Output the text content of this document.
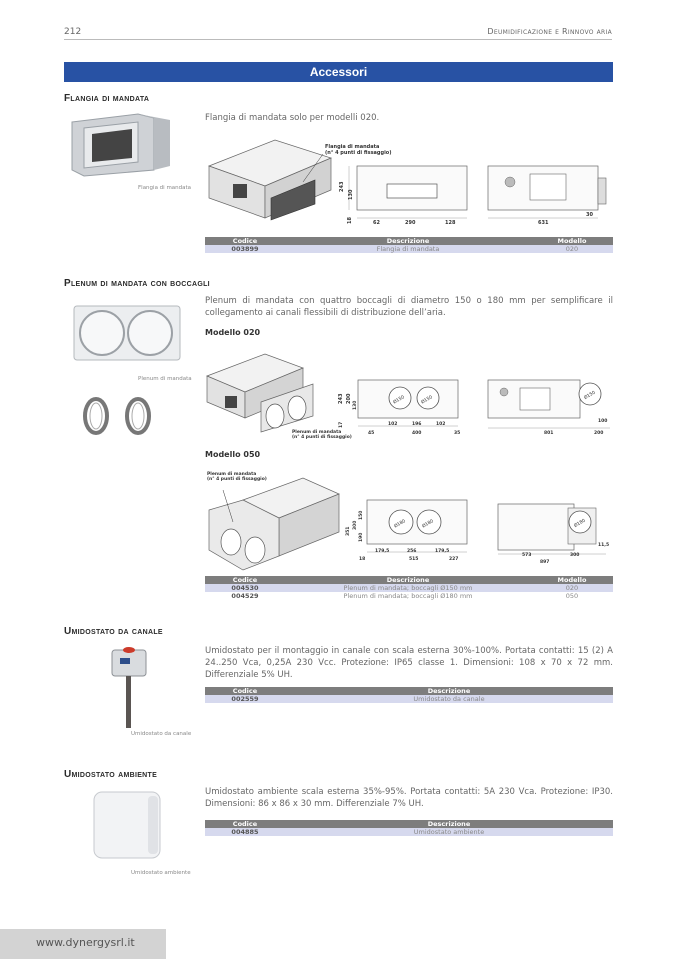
212	Deumidificazione e Rinnovo aria
Accessori
Flangia di mandata
Flangia di mandata solo per modelli 020.
Flangia di mandata
Flangia di mandata
(n° 4 punti di fissaggio)
243
130
18	62	290	128	631
30
Codice	Descrizione	Modello
003899	Flangia di mandata	020
Plenum di mandata con boccagli
Plenum di mandata con quattro boccagli di diametro 150 o 180 mm per semplificare il collegamento ai canali flessibili di distribuzione dell’aria.
Plenum di mandata
Modello 020
Plenum di mandata
(n° 4 punti di fissaggio)
Ø150	Ø150
243 200
130
17	102	196	102
45	400	35
Ø150
100
801	200
Modello 050
Plenum di mandata
(n° 4 punti di fissaggio)
Ø180	Ø180
351
300
150
190
18
179,5	256	179,5
515	227
Ø180
11,5
573	300
897
Codice	Descrizione	Modello
004530	Plenum di mandata; boccagli Ø150 mm	020
004529	Plenum di mandata; boccagli Ø180 mm	050
Umidostato da canale
Umidostato per il montaggio in canale con scala esterna 30%-100%. Portata contatti: 15 (2) A 24..250 Vca, 0,25A 230 Vcc. Protezione: IP65 classe 1. Dimensioni: 108 x 70 x 72 mm. Differenziale 5% UH.
Umidostato da canale
Codice	Descrizione
002559	Umidostato da canale
Umidostato ambiente
Umidostato ambiente scala esterna 35%-95%. Portata contatti: 5A 230 Vca. Protezione: IP30. Dimensioni: 86 x 86 x 30 mm. Differenziale 7% UH.
Umidostato ambiente
Codice	Descrizione
004885	Umidostato ambiente
www.dynergysrl.it
